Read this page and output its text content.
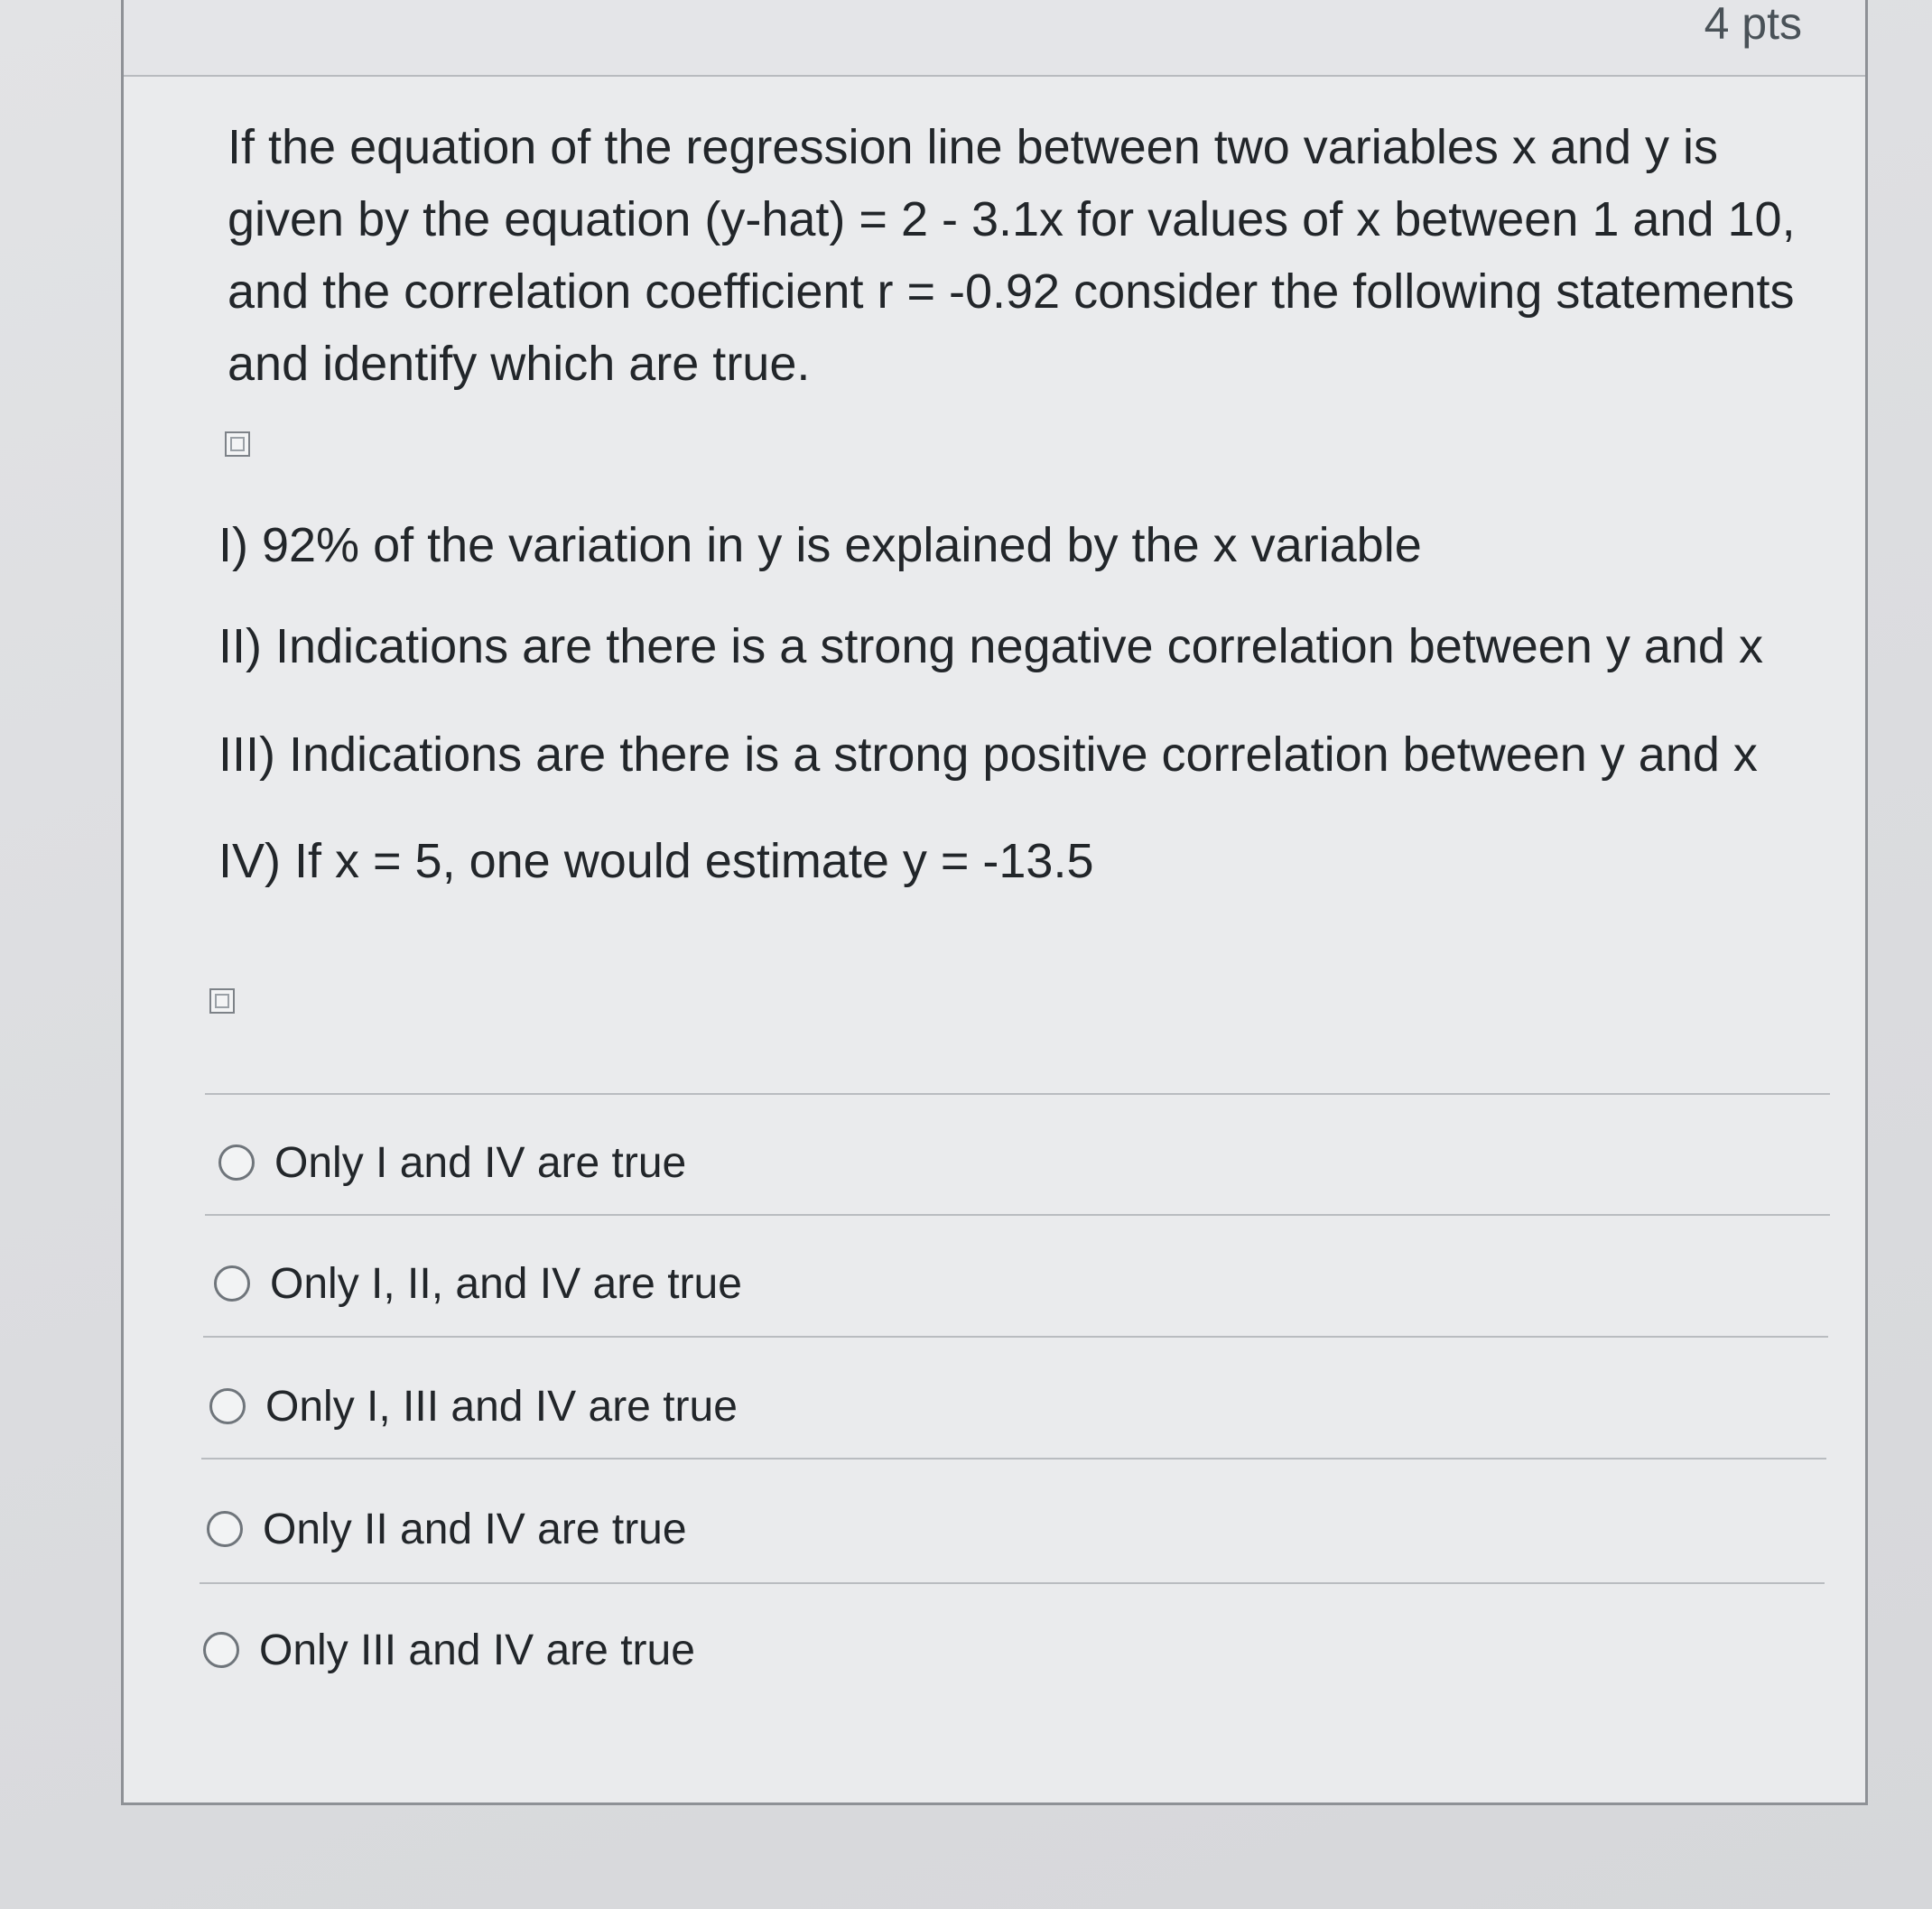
4 pts
If the equation of the regression line between two variables x and y is given by the equation (y-hat) = 2 - 3.1x for values of x between 1 and 10, and the correlation coefficient r = -0.92 consider the following statements and identify which are true.
I) 92% of the variation in y is explained by the x variable
II) Indications are there is a strong negative correlation between y and x
III) Indications are there is a strong positive correlation between y and x
IV) If x = 5, one would estimate y = -13.5
Only I and IV are true
Only I, II, and IV are true
Only I, III and IV are true
Only II and IV are true
Only III and IV are true
